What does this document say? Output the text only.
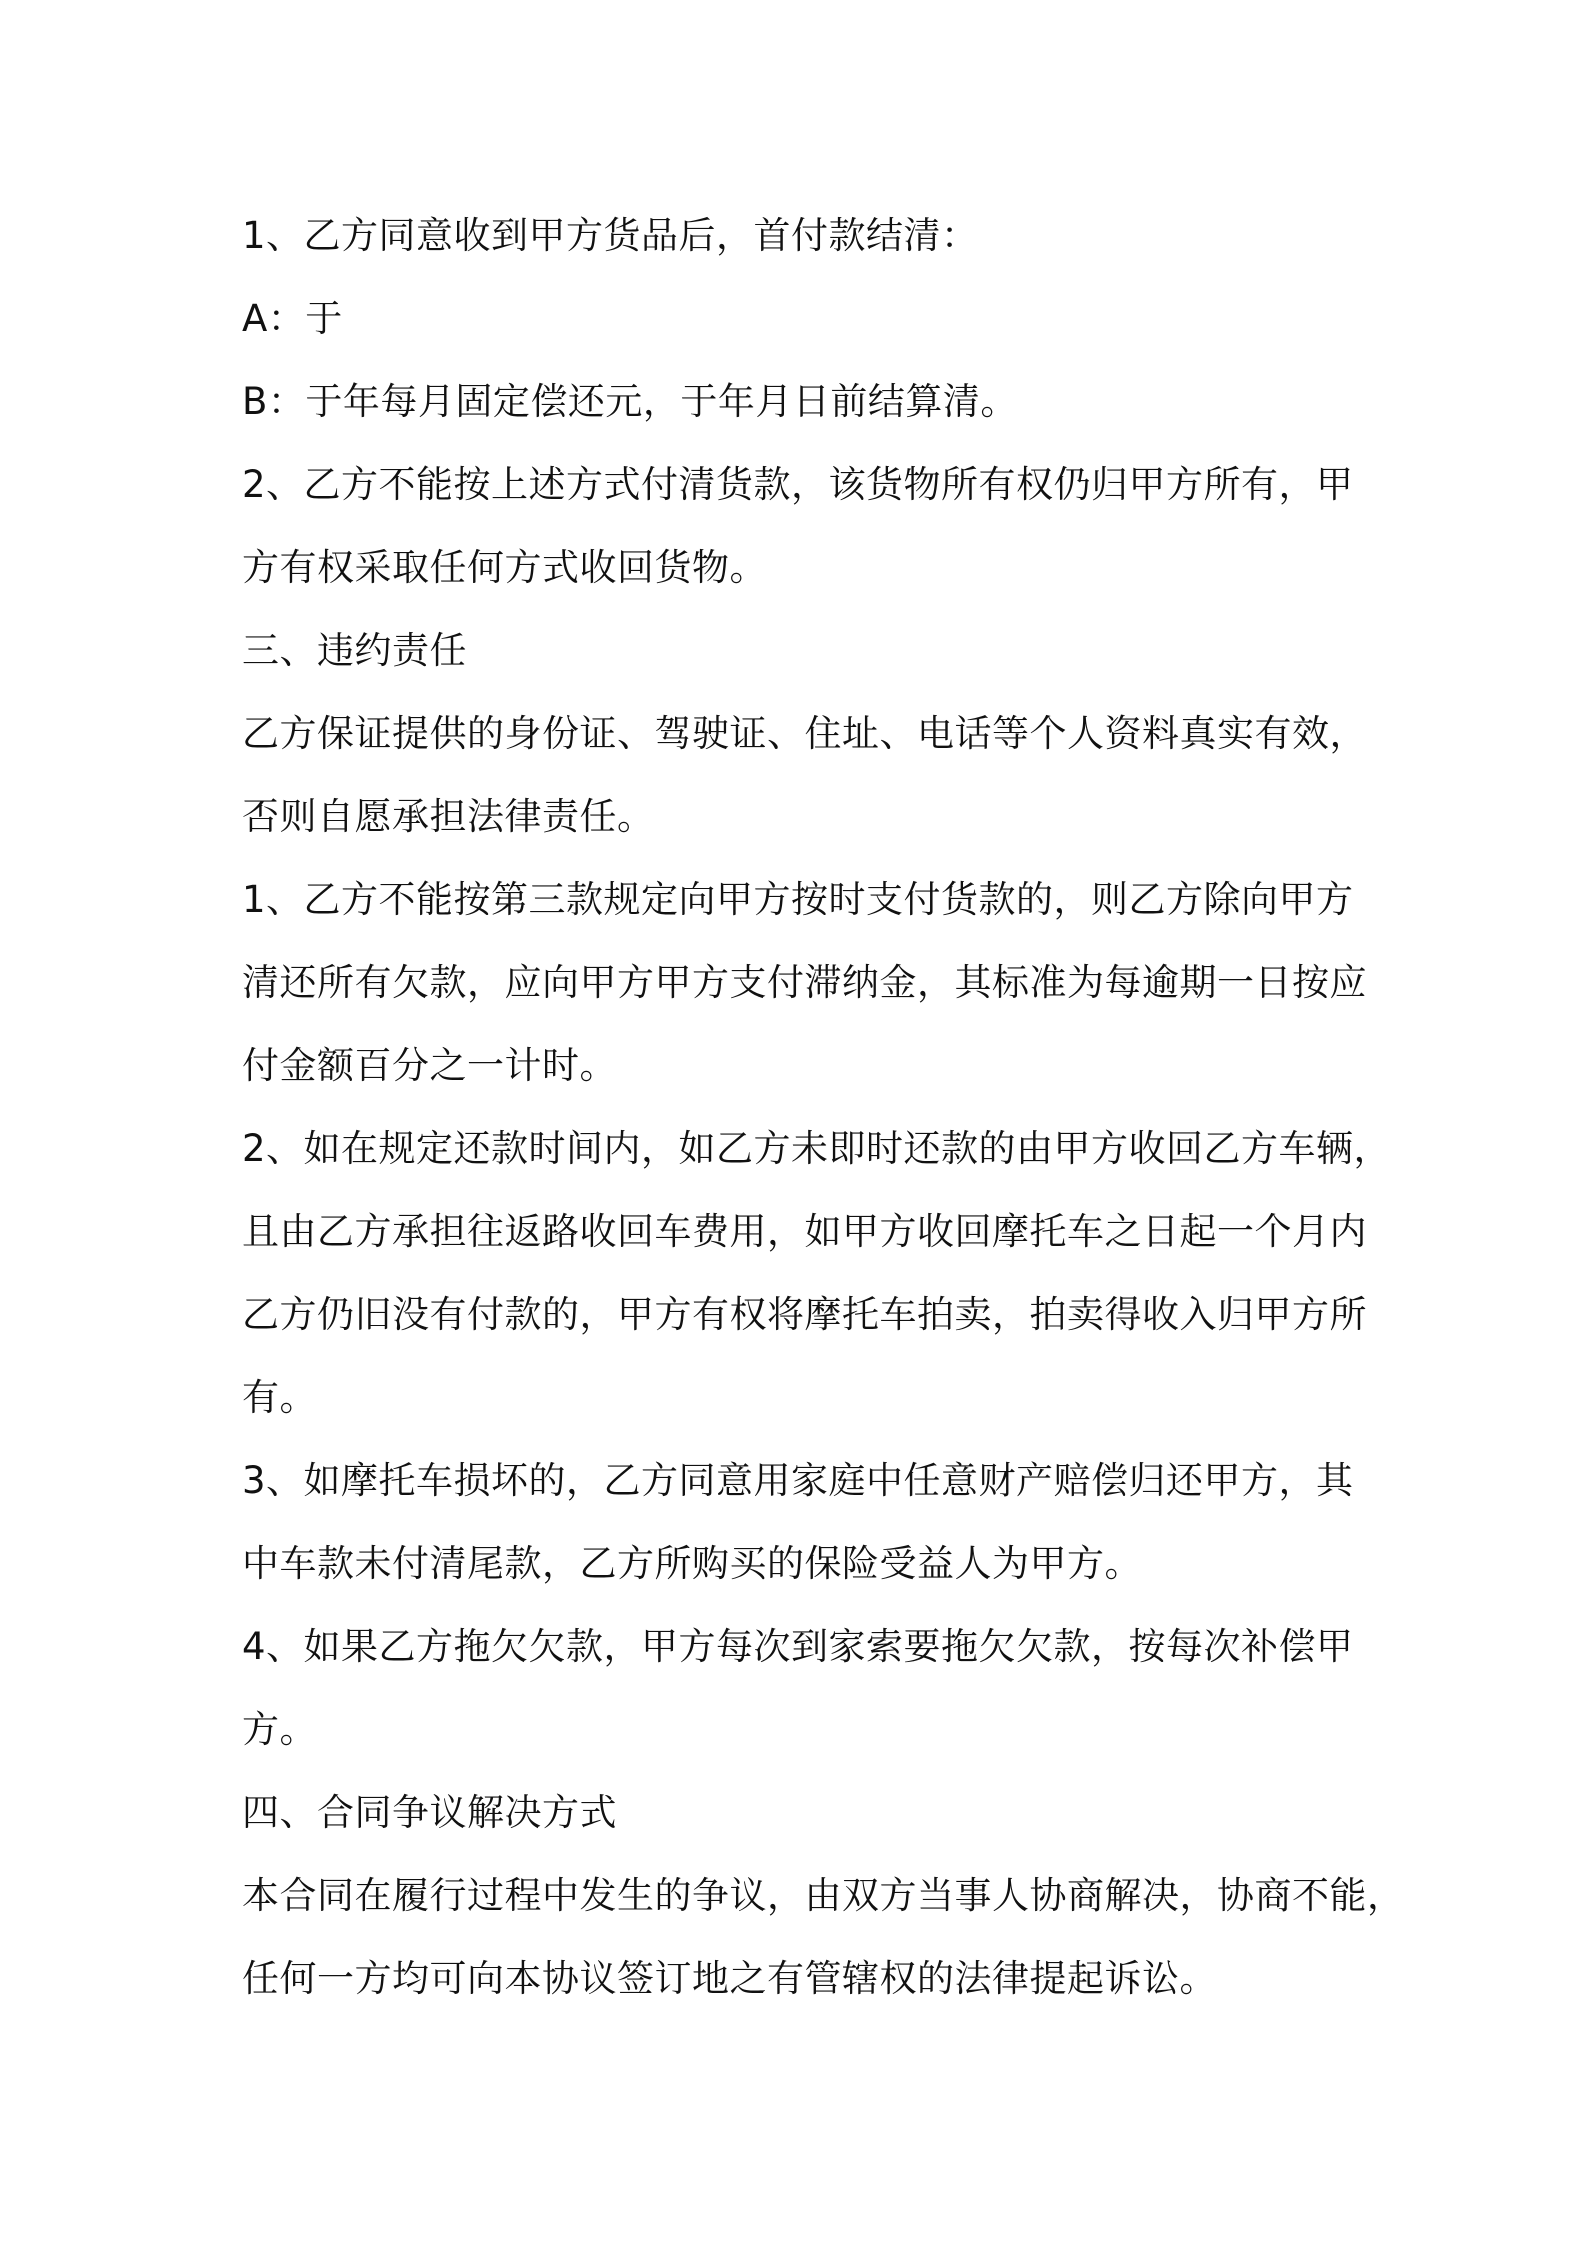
1、乙方同意收到甲方货品后，首付款结清：
A：于
B：于年每月固定偿还元，于年月日前结算清。
2、乙方不能按上述方式付清货款，该货物所有权仍归甲方所有，甲
方有权采取任何方式收回货物。
三、违约责任
乙方保证提供的身份证、驾驶证、住址、电话等个人资料真实有效，
否则自愿承担法律责任。
1、乙方不能按第三款规定向甲方按时支付货款的，则乙方除向甲方
清还所有欠款，应向甲方甲方支付滞纳金，其标准为每逾期一日按应
付金额百分之一计时。
2、如在规定还款时间内，如乙方未即时还款的由甲方收回乙方车辆，
且由乙方承担往返路收回车费用，如甲方收回摩托车之日起一个月内
乙方仍旧没有付款的，甲方有权将摩托车拍卖，拍卖得收入归甲方所
有。
3、如摩托车损坏的，乙方同意用家庭中任意财产赔偿归还甲方，其
中车款未付清尾款，乙方所购买的保险受益人为甲方。
4、如果乙方拖欠欠款，甲方每次到家索要拖欠欠款，按每次补偿甲
方。
四、合同争议解决方式
本合同在履行过程中发生的争议，由双方当事人协商解决，协商不能，
任何一方均可向本协议签订地之有管辖权的法律提起诉讼。
